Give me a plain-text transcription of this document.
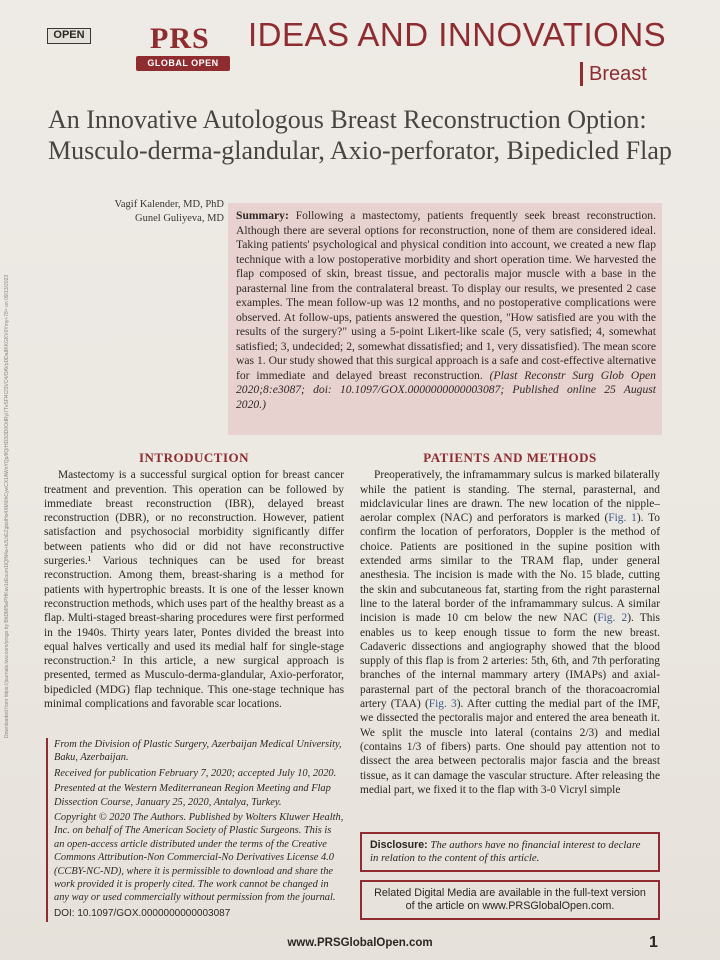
Downloaded from https://journals.lww.com/prsgo by BhDMf5ePHKav1zEoum1tQfN4a+kJLhEZgbsIHo4XMi0hCywCX1AWnYQp/IlQrHD3i3D0OdRyi7TvSFl4Cf3VC4/OAVpDDa8KKGKV0Ymy+78= on 09/13/2023
OPEN PRS
GLOBAL OPEN
IDEAS AND INNOVATIONS
Breast
An Innovative Autologous Breast Reconstruction Option: Musculo-derma-glandular, Axio-perforator, Bipedicled Flap
Vagif Kalender, MD, PhD
Gunel Guliyeva, MD	Summary: Following a mastectomy, patients frequently seek breast reconstruction. Although there are several options for reconstruction, none of them are considered ideal. Taking patients' psychological and physical condition into account, we created a new flap technique with a low postoperative morbidity and short operation time. We harvested the flap composed of skin, breast tissue, and pectoralis major muscle with a base in the parasternal line from the contralateral breast. To display our results, we presented 2 case examples. The mean follow-up was 12 months, and no postoperative complications were observed. At follow-ups, patients answered the question, "How satisfied are you with the results of the surgery?" using a 5-point Likert-like scale (5, very satisfied; 4, somewhat satisfied; 3, undecided; 2, somewhat dissatisfied; and 1, very dissatisfied). The mean score was 1. Our study showed that this surgical approach is a safe and cost-effective alternative for immediate and delayed breast reconstruction. (Plast Reconstr Surg Glob Open 2020;8:e3087; doi: 10.1097/GOX.0000000000003087; Published online 25 August 2020.)
INTRODUCTION

Mastectomy is a successful surgical option for breast cancer treatment and prevention. This operation can be followed by immediate breast reconstruction (IBR), delayed breast reconstruction (DBR), or no reconstruction. However, patient satisfaction and psychosocial morbidity significantly differ between patients who did or did not have reconstructive surgeries.¹ Various techniques can be used for breast reconstruction. Among them, breast-sharing is a method for patients with hypertrophic breasts. It is one of the lesser known reconstruction methods, which uses part of the healthy breast as a flap. Multi-staged breast-sharing procedures were first performed in the 1940s. Thirty years later, Pontes divided the breast into equal halves vertically and used its medial half for single-stage reconstruction.² In this article, a new surgical approach is presented, termed as Musculo-derma-glandular, Axio-perforator, bipedicled (MDG) flap technique. This one-stage technique has minimal complications and favorable scar locations.

From the Division of Plastic Surgery, Azerbaijan Medical University, Baku, Azerbaijan.

Received for publication February 7, 2020; accepted July 10, 2020.

Presented at the Western Mediterranean Region Meeting and Flap Dissection Course, January 25, 2020, Antalya, Turkey.

Copyright © 2020 The Authors. Published by Wolters Kluwer Health, Inc. on behalf of The American Society of Plastic Surgeons. This is an open-access article distributed under the terms of the Creative Commons Attribution-Non Commercial-No Derivatives License 4.0 (CCBY-NC-ND), where it is permissible to download and share the work provided it is properly cited. The work cannot be changed in any way or used commercially without permission from the journal.

DOI: 10.1097/GOX.0000000000003087

PATIENTS AND METHODS

Preoperatively, the inframammary sulcus is marked bilaterally while the patient is standing. The sternal, parasternal, and midclavicular lines are drawn. The new location of the nipple–aerolar complex (NAC) and perforators is marked (Fig. 1). To confirm the location of perforators, Doppler is the method of choice. Patients are positioned in the supine position with extended arms similar to the TRAM flap, under general anesthesia. The incision is made with the No. 15 blade, cutting the skin and subcutaneous fat, starting from the right parasternal line to the lateral border of the inframammary sulcus. A similar incision is made 10 cm below the new NAC (Fig. 2). This enables us to keep enough tissue to form the new breast. Cadaveric dissections and angiography showed that the blood supply of this flap is from 2 arteries: 5th, 6th, and 7th perforating branches of the internal mammary artery (IMAPs) and axial-parasternal part of the pectoral branch of the thoracoacromial artery (TAA) (Fig. 3). After cutting the medial part of the IMF, we dissected the pectoralis major and entered the area beneath it. We split the muscle into lateral (contains 2/3) and medial (contains 1/3 of fibers) parts. One should pay attention not to dissect the area between pectoralis major fascia and the breast tissue, as it can damage the vascular structure. After releasing the medial part, we fixed it to the flap with 3-0 Vicryl simple

Disclosure: The authors have no financial interest to declare in relation to the content of this article.
Related Digital Media are available in the full-text version of the article on www.PRSGlobalOpen.com.
www.PRSGlobalOpen.com	1
